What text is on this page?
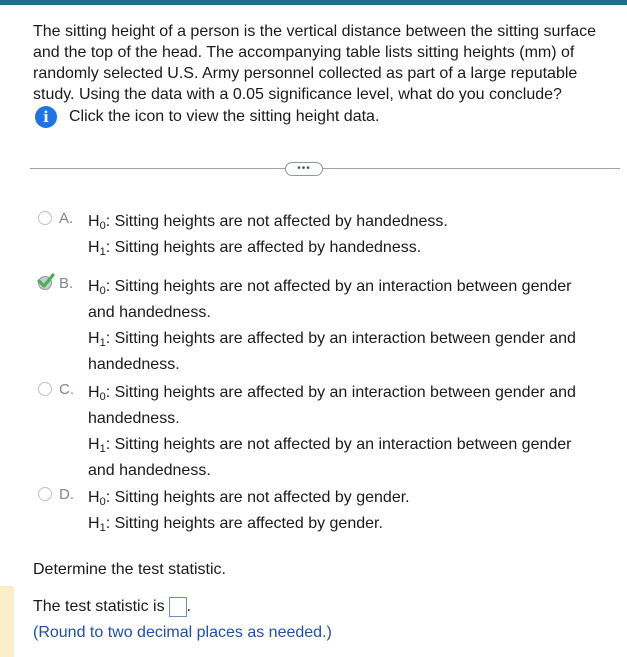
The sitting height of a person is the vertical distance between the sitting surface and the top of the head. The accompanying table lists sitting heights (mm) of randomly selected U.S. Army personnel collected as part of a large reputable study. Using the data with a 0.05 significance level, what do you conclude?

i	Click the icon to view the sitting height data.
•••
A. $H_0$: Sitting heights are not affected by handedness.
$H_1$: Sitting heights are affected by handedness.
B. $H_0$: Sitting heights are not affected by an interaction between gender
and handedness.
$H_1$: Sitting heights are affected by an interaction between gender and
handedness.
C. $H_0$: Sitting heights are affected by an interaction between gender and
handedness.
$H_1$: Sitting heights are not affected by an interaction between gender
and handedness.
D. $H_0$: Sitting heights are not affected by gender.
$H_1$: Sitting heights are affected by gender.
Determine the test statistic.
The test statistic is .
(Round to two decimal places as needed.)
